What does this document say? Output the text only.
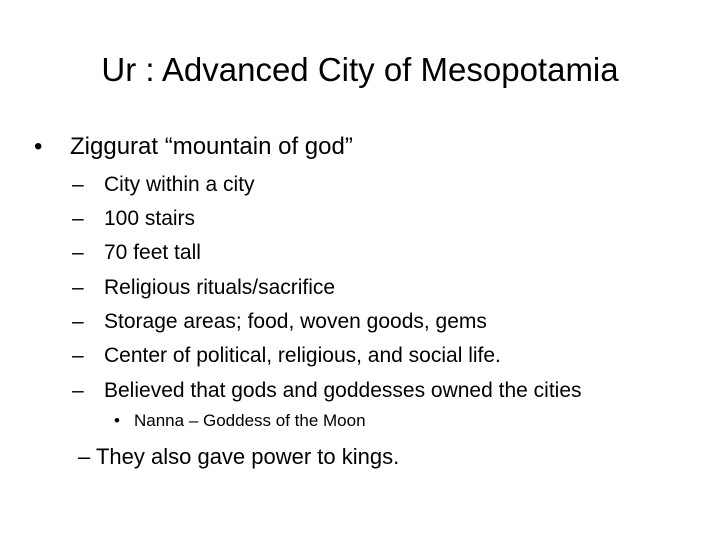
Ur : Advanced City of Mesopotamia
• Ziggurat “mountain of god”
– City within a city
– 100 stairs
– 70 feet tall
– Religious rituals/sacrifice
– Storage areas; food, woven goods, gems
– Center of political, religious, and social life.
– Believed that gods and goddesses owned the cities
• Nanna – Goddess of the Moon
– They also gave power to kings.
